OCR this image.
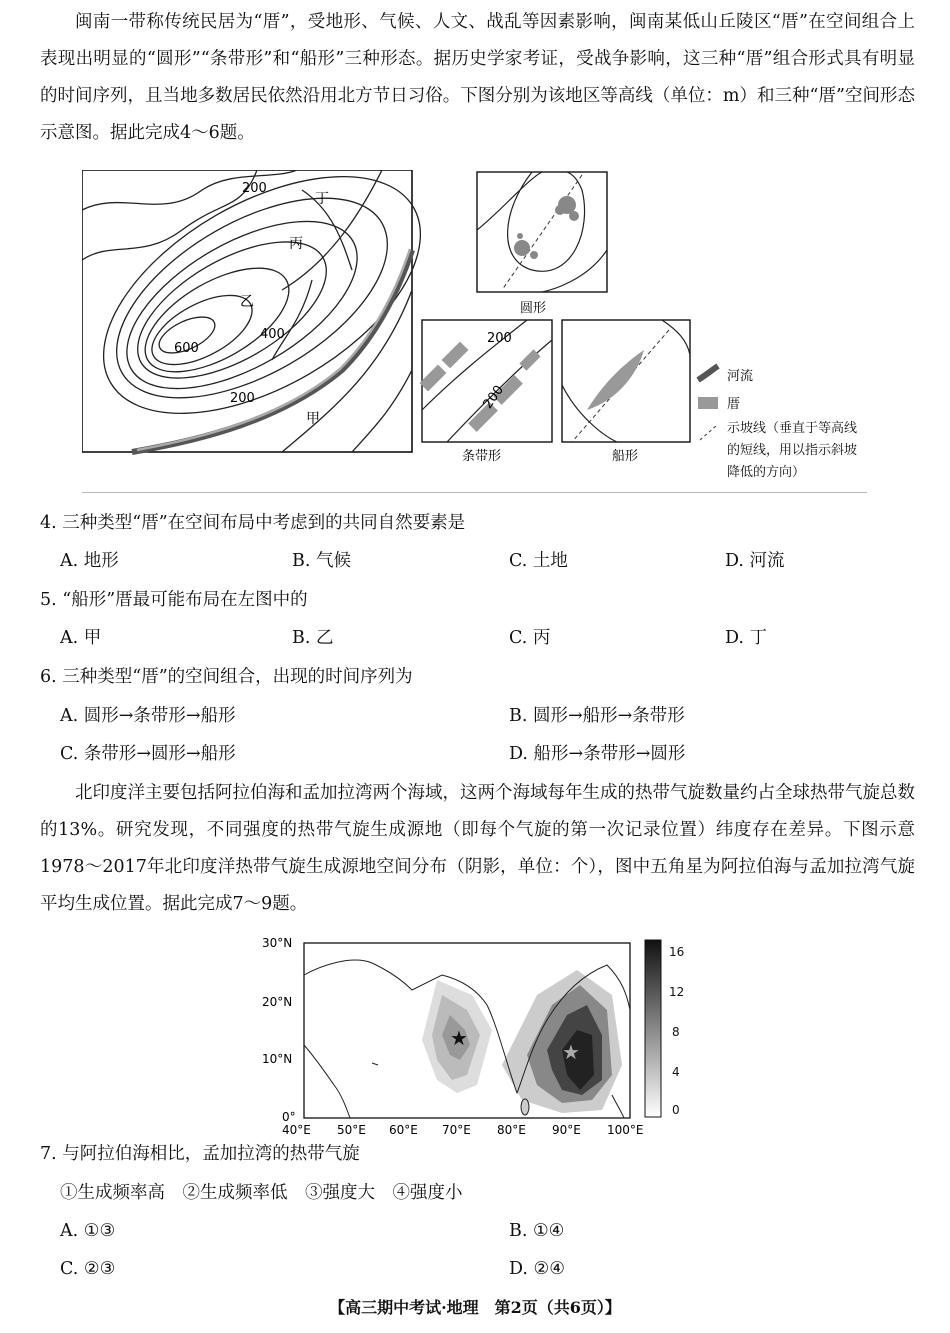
闽南一带称传统民居为“厝”，受地形、气候、人文、战乱等因素影响，闽南某低山丘陵区“厝”在空间组合上表现出明显的“圆形”“条带形”和“船形”三种形态。据历史学家考证，受战争影响，这三种“厝”组合形式具有明显的时间序列，且当地多数居民依然沿用北方节日习俗。下图分别为该地区等高线（单位：m）和三种“厝”空间形态示意图。据此完成4～6题。

200
400
600
200
丁
丙
乙
甲
圆形
200
200
条带形	船形
河流
厝
示坡线（垂直于等高线的短线，用以指示斜坡降低的方向）
4. 三种类型“厝”在空间布局中考虑到的共同自然要素是
A. 地形	B. 气候	C. 土地	D. 河流
5. “船形”厝最可能布局在左图中的
A. 甲	B. 乙	C. 丙	D. 丁
6. 三种类型“厝”的空间组合，出现的时间序列为
A. 圆形→条带形→船形	B. 圆形→船形→条带形
C. 条带形→圆形→船形	D. 船形→条带形→圆形

北印度洋主要包括阿拉伯海和孟加拉湾两个海域，这两个海域每年生成的热带气旋数量约占全球热带气旋总数的13%。研究发现，不同强度的热带气旋生成源地（即每个气旋的第一次记录位置）纬度存在差异。下图示意1978～2017年北印度洋热带气旋生成源地空间分布（阴影，单位：个），图中五角星为阿拉伯海与孟加拉湾气旋平均生成位置。据此完成7～9题。

★
★
30°N
20°N
10°N
0°
40°E 50°E 60°E 70°E 80°E 90°E 100°E
16
12
8
4
0
7. 与阿拉伯海相比，孟加拉湾的热带气旋
①生成频率高　②生成频率低　③强度大　④强度小
A. ①③	B. ①④
C. ②③	D. ②④
【高三期中考试·地理　第2页（共6页）】
